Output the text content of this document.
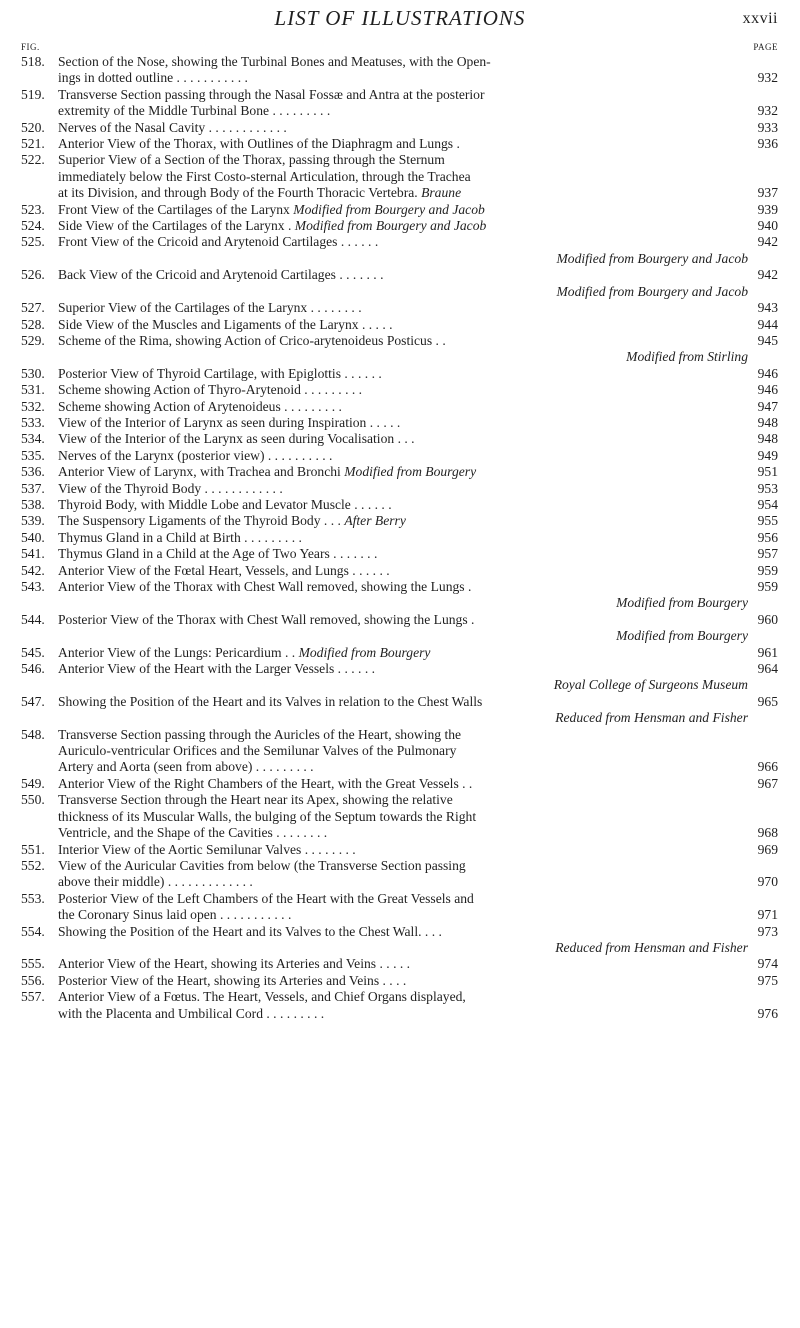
LIST OF ILLUSTRATIONS	xxvii
FIG.	PAGE
518. Section of the Nose, showing the Turbinal Bones and Meatuses, with the Open-
ings in dotted outline . . . . . . . . . . .	932
519. Transverse Section passing through the Nasal Fossæ and Antra at the posterior
extremity of the Middle Turbinal Bone . . . . . . . . .	932
520. Nerves of the Nasal Cavity . . . . . . . . . . . .	933
521. Anterior View of the Thorax, with Outlines of the Diaphragm and Lungs .	936
522. Superior View of a Section of the Thorax, passing through the Sternum
immediately below the First Costo-sternal Articulation, through the Trachea
at its Division, and through Body of the Fourth Thoracic Vertebra. Braune	937
523. Front View of the Cartilages of the Larynx Modified from Bourgery and Jacob	939
524. Side View of the Cartilages of the Larynx . Modified from Bourgery and Jacob	940
525. Front View of the Cricoid and Arytenoid Cartilages . . . . . .	942
Modified from Bourgery and Jacob
526. Back View of the Cricoid and Arytenoid Cartilages . . . . . . .	942
Modified from Bourgery and Jacob
527. Superior View of the Cartilages of the Larynx . . . . . . . .	943
528. Side View of the Muscles and Ligaments of the Larynx . . . . .	944
529. Scheme of the Rima, showing Action of Crico-arytenoideus Posticus . .	945
Modified from Stirling
530. Posterior View of Thyroid Cartilage, with Epiglottis . . . . . .	946
531. Scheme showing Action of Thyro-Arytenoid . . . . . . . . .	946
532. Scheme showing Action of Arytenoideus . . . . . . . . .	947
533. View of the Interior of Larynx as seen during Inspiration . . . . .	948
534. View of the Interior of the Larynx as seen during Vocalisation . . .	948
535. Nerves of the Larynx (posterior view) . . . . . . . . . .	949
536. Anterior View of Larynx, with Trachea and Bronchi Modified from Bourgery	951
537. View of the Thyroid Body . . . . . . . . . . . .	953
538. Thyroid Body, with Middle Lobe and Levator Muscle . . . . . .	954
539. The Suspensory Ligaments of the Thyroid Body . . . After Berry	955
540. Thymus Gland in a Child at Birth . . . . . . . . .	956
541. Thymus Gland in a Child at the Age of Two Years . . . . . . .	957
542. Anterior View of the Fœtal Heart, Vessels, and Lungs . . . . . .	959
543. Anterior View of the Thorax with Chest Wall removed, showing the Lungs .	959
Modified from Bourgery
544. Posterior View of the Thorax with Chest Wall removed, showing the Lungs .	960
Modified from Bourgery
545. Anterior View of the Lungs: Pericardium . . Modified from Bourgery	961
546. Anterior View of the Heart with the Larger Vessels . . . . . .	964
Royal College of Surgeons Museum
547. Showing the Position of the Heart and its Valves in relation to the Chest Walls	965
Reduced from Hensman and Fisher
548. Transverse Section passing through the Auricles of the Heart, showing the
Auriculo-ventricular Orifices and the Semilunar Valves of the Pulmonary
Artery and Aorta (seen from above) . . . . . . . . .	966
549. Anterior View of the Right Chambers of the Heart, with the Great Vessels . .	967
550. Transverse Section through the Heart near its Apex, showing the relative
thickness of its Muscular Walls, the bulging of the Septum towards the Right
Ventricle, and the Shape of the Cavities . . . . . . . .	968
551. Interior View of the Aortic Semilunar Valves . . . . . . . .	969
552. View of the Auricular Cavities from below (the Transverse Section passing
above their middle) . . . . . . . . . . . . .	970
553. Posterior View of the Left Chambers of the Heart with the Great Vessels and
the Coronary Sinus laid open . . . . . . . . . . .	971
554. Showing the Position of the Heart and its Valves to the Chest Wall. . . .	973
Reduced from Hensman and Fisher
555. Anterior View of the Heart, showing its Arteries and Veins . . . . .	974
556. Posterior View of the Heart, showing its Arteries and Veins . . . .	975
557. Anterior View of a Fœtus. The Heart, Vessels, and Chief Organs displayed,
with the Placenta and Umbilical Cord . . . . . . . . .	976
